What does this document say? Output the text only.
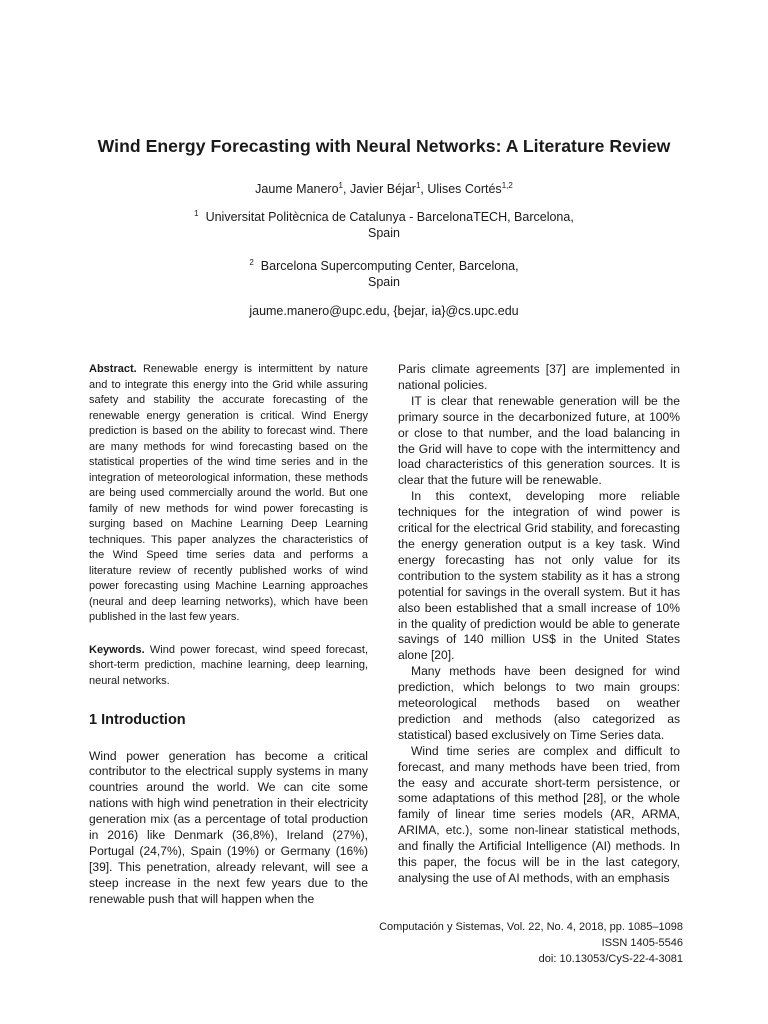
Wind Energy Forecasting with Neural Networks: A Literature Review

Jaume Manero$^1$, Javier Béjar$^1$, Ulises Cortés$^{1,2}$

$^1$ Universitat Politècnica de Catalunya - BarcelonaTECH, Barcelona,

Spain

$^2$ Barcelona Supercomputing Center, Barcelona,

Spain

jaume.manero@upc.edu, {bejar, ia}@cs.upc.edu

Abstract. Renewable energy is intermittent by nature and to integrate this energy into the Grid while assuring safety and stability the accurate forecasting of the renewable energy generation is critical. Wind Energy prediction is based on the ability to forecast wind. There are many methods for wind forecasting based on the statistical properties of the wind time series and in the integration of meteorological information, these methods are being used commercially around the world. But one family of new methods for wind power forecasting is surging based on Machine Learning Deep Learning techniques. This paper analyzes the characteristics of the Wind Speed time series data and performs a literature review of recently published works of wind power forecasting using Machine Learning approaches (neural and deep learning networks), which have been published in the last few years.

Keywords. Wind power forecast, wind speed forecast, short-term prediction, machine learning, deep learning, neural networks.

1 Introduction

Wind power generation has become a critical contributor to the electrical supply systems in many countries around the world. We can cite some nations with high wind penetration in their electricity generation mix (as a percentage of total production in 2016) like Denmark (36,8%), Ireland (27%), Portugal (24,7%), Spain (19%) or Germany (16%) [39]. This penetration, already relevant, will see a steep increase in the next few years due to the renewable push that will happen when the

Paris climate agreements [37] are implemented in national policies.

IT is clear that renewable generation will be the primary source in the decarbonized future, at 100% or close to that number, and the load balancing in the Grid will have to cope with the intermittency and load characteristics of this generation sources. It is clear that the future will be renewable.

In this context, developing more reliable techniques for the integration of wind power is critical for the electrical Grid stability, and forecasting the energy generation output is a key task. Wind energy forecasting has not only value for its contribution to the system stability as it has a strong potential for savings in the overall system. But it has also been established that a small increase of 10% in the quality of prediction would be able to generate savings of 140 million US$ in the United States alone [20].

Many methods have been designed for wind prediction, which belongs to two main groups: meteorological methods based on weather prediction and methods (also categorized as statistical) based exclusively on Time Series data.

Wind time series are complex and difficult to forecast, and many methods have been tried, from the easy and accurate short-term persistence, or some adaptations of this method [28], or the whole family of linear time series models (AR, ARMA, ARIMA, etc.), some non-linear statistical methods, and finally the Artificial Intelligence (AI) methods. In this paper, the focus will be in the last category, analysing the use of AI methods, with an emphasis

Computación y Sistemas, Vol. 22, No. 4, 2018, pp. 1085–1098
ISSN 1405-5546
doi: 10.13053/CyS-22-4-3081
